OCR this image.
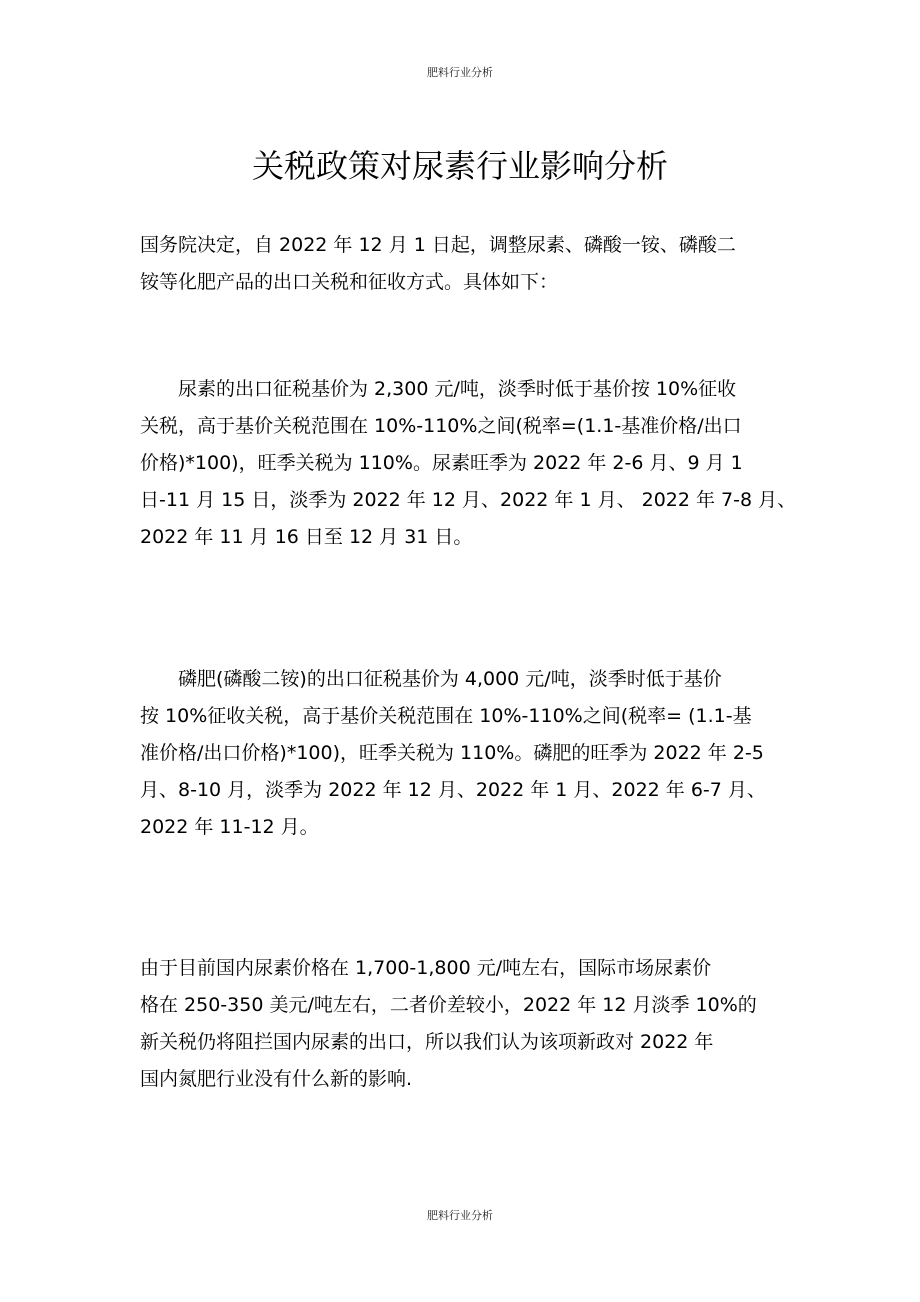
肥料行业分析
关税政策对尿素行业影响分析

国务院决定，自 2022 年 12 月 1 日起，调整尿素、磷酸一铵、磷酸二
铵等化肥产品的出口关税和征收方式。具体如下：

　　尿素的出口征税基价为 2,300 元/吨，淡季时低于基价按 10%征收
关税，高于基价关税范围在 10%-110%之间(税率=(1.1-基准价格/出口
价格)*100)，旺季关税为 110%。尿素旺季为 2022 年 2-6 月、9 月 1
日-11 月 15 日，淡季为 2022 年 12 月、2022 年 1 月、 2022 年 7-8 月、
2022 年 11 月 16 日至 12 月 31 日。

　　磷肥(磷酸二铵)的出口征税基价为 4,000 元/吨，淡季时低于基价
按 10%征收关税，高于基价关税范围在 10%-110%之间(税率= (1.1-基
准价格/出口价格)*100)，旺季关税为 110%。磷肥的旺季为 2022 年 2-5
月、8-10 月，淡季为 2022 年 12 月、2022 年 1 月、2022 年 6-7 月、
2022 年 11-12 月。

由于目前国内尿素价格在 1,700-1,800 元/吨左右，国际市场尿素价
格在 250-350 美元/吨左右，二者价差较小，2022 年 12 月淡季 10%的
新关税仍将阻拦国内尿素的出口，所以我们认为该项新政对 2022 年
国内氮肥行业没有什么新的影响.

肥料行业分析
